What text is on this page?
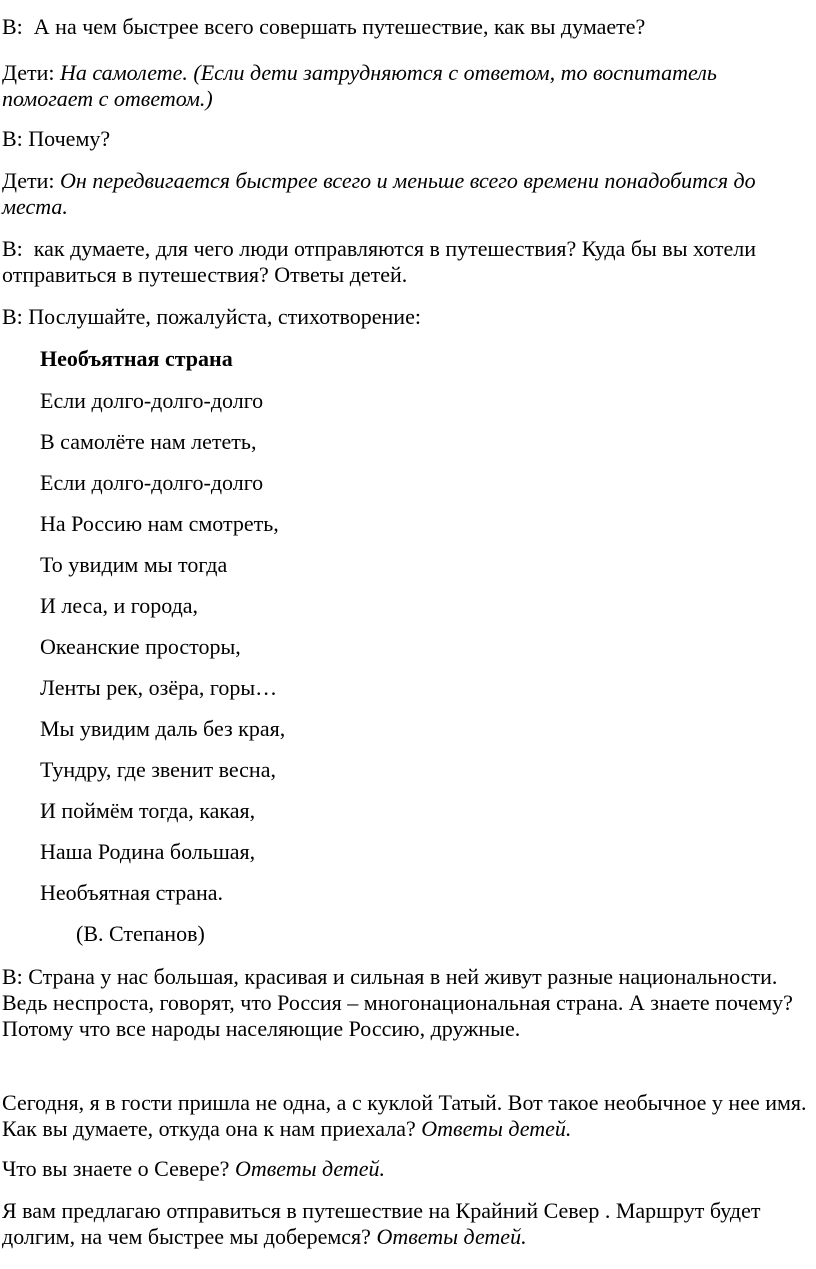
В:  А на чем быстрее всего совершать путешествие, как вы думаете?

Дети: На самолете. (Если дети затрудняются с ответом, то воспитатель помогает с ответом.)

В: Почему?

Дети: Он передвигается быстрее всего и меньше всего времени понадобится до места.

В:  как думаете, для чего люди отправляются в путешествия? Куда бы вы хотели отправиться в путешествия? Ответы детей.

В: Послушайте, пожалуйста, стихотворение:

Необъятная страна

Если долго-долго-долго

В самолёте нам лететь,

Если долго-долго-долго

На Россию нам смотреть,

То увидим мы тогда

И леса, и города,

Океанские просторы,

Ленты рек, озёра, горы…

Мы увидим даль без края,

Тундру, где звенит весна,

И поймём тогда, какая,

Наша Родина большая,

Необъятная страна.

(В. Степанов)

В: Страна у нас большая, красивая и сильная в ней живут разные национальности. Ведь неспроста, говорят, что Россия – многонациональная страна. А знаете почему? Потому что все народы населяющие Россию, дружные.

Сегодня, я в гости пришла не одна, а с куклой Татый. Вот такое необычное у нее имя. Как вы думаете, откуда она к нам приехала? Ответы детей.

Что вы знаете о Севере? Ответы детей.

Я вам предлагаю отправиться в путешествие на Крайний Север . Маршрут будет долгим, на чем быстрее мы доберемся? Ответы детей.
